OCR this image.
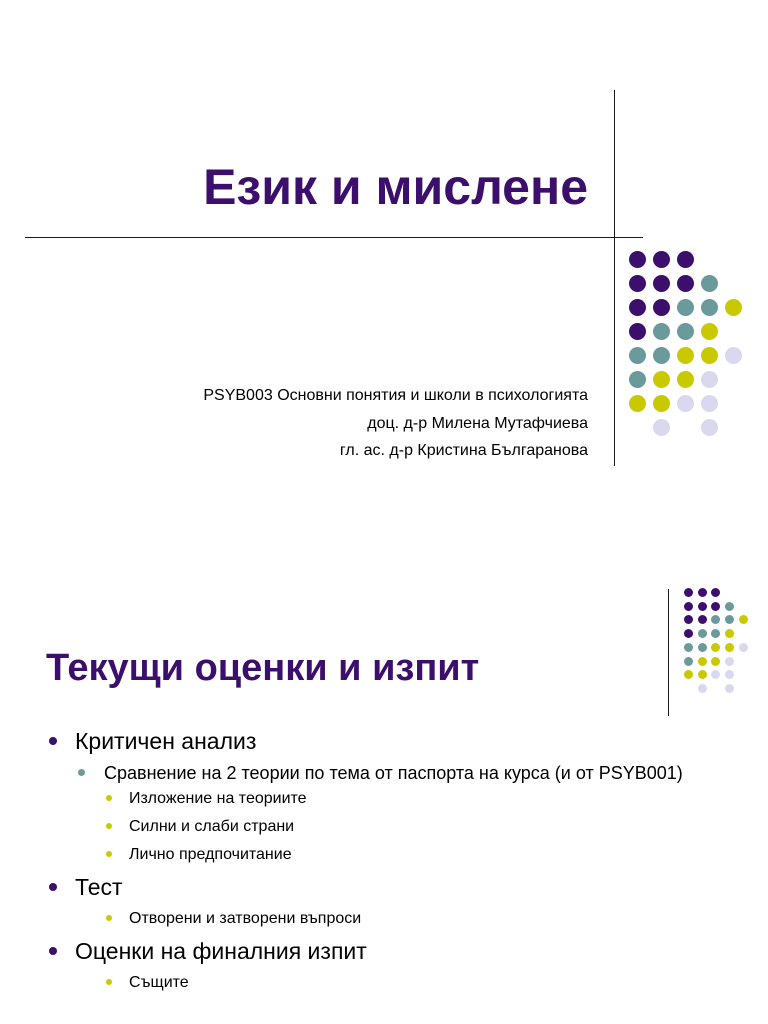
Език и мислене
PSYB003 Основни понятия и школи в психологията
доц. д-р Милена Мутафчиева
гл. ас. д-р Кристина Българанова
Текущи оценки и изпит

Критичен анализ

Сравнение на 2 теории по тема от паспорта на курса (и от PSYB001)

Изложение на теориите

Силни и слаби страни

Лично предпочитание

Тест

Отворени и затворени въпроси

Оценки на финалния изпит

Същите
